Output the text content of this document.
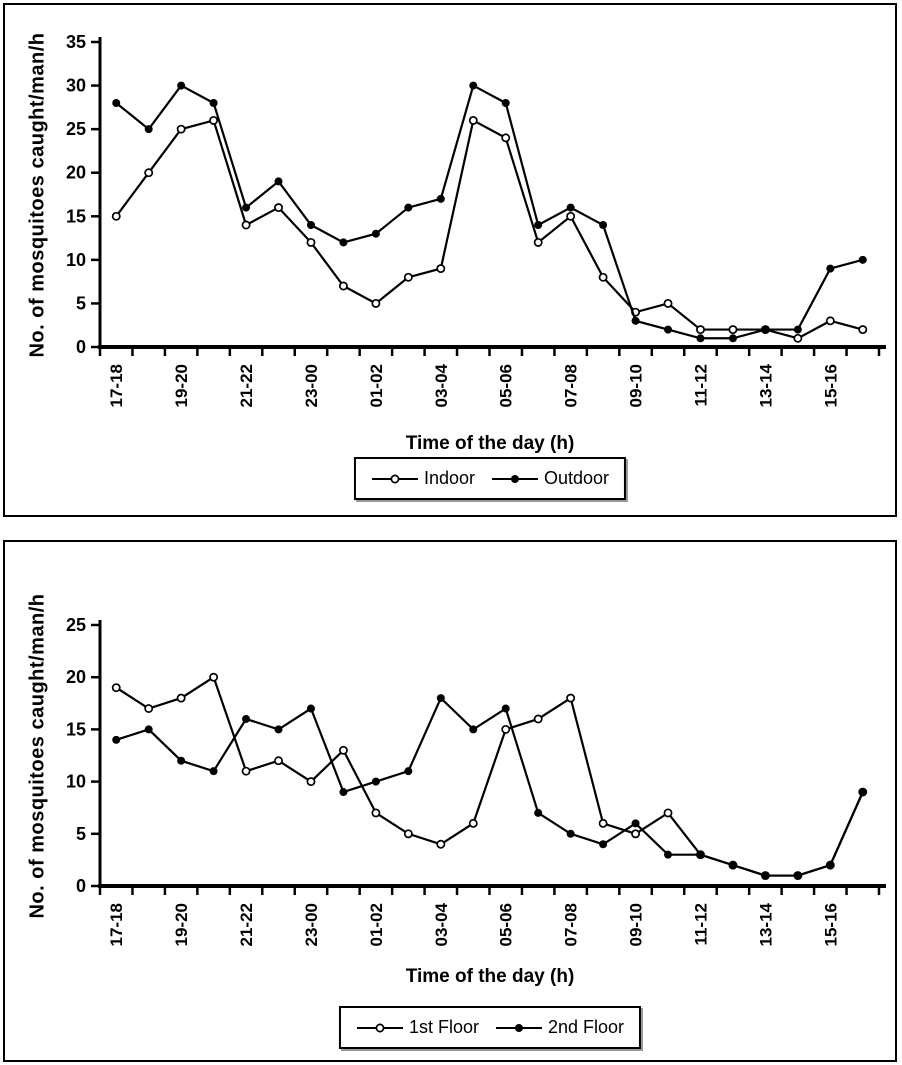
0
5
10
15
20
25
30
35
17-18	19-20	21-22	23-00	01-02	03-04	05-06	07-08	09-10	11-12	13-14	15-16
No. of mosquitoes caught/man/h
Time of the day (h)
Indoor	Outdoor
0
5
10
15
20
25
17-18	19-20	21-22	23-00	01-02	03-04	05-06	07-08	09-10	11-12	13-14	15-16
No. of mosquitoes caught/man/h
Time of the day (h)
1st Floor	2nd Floor
